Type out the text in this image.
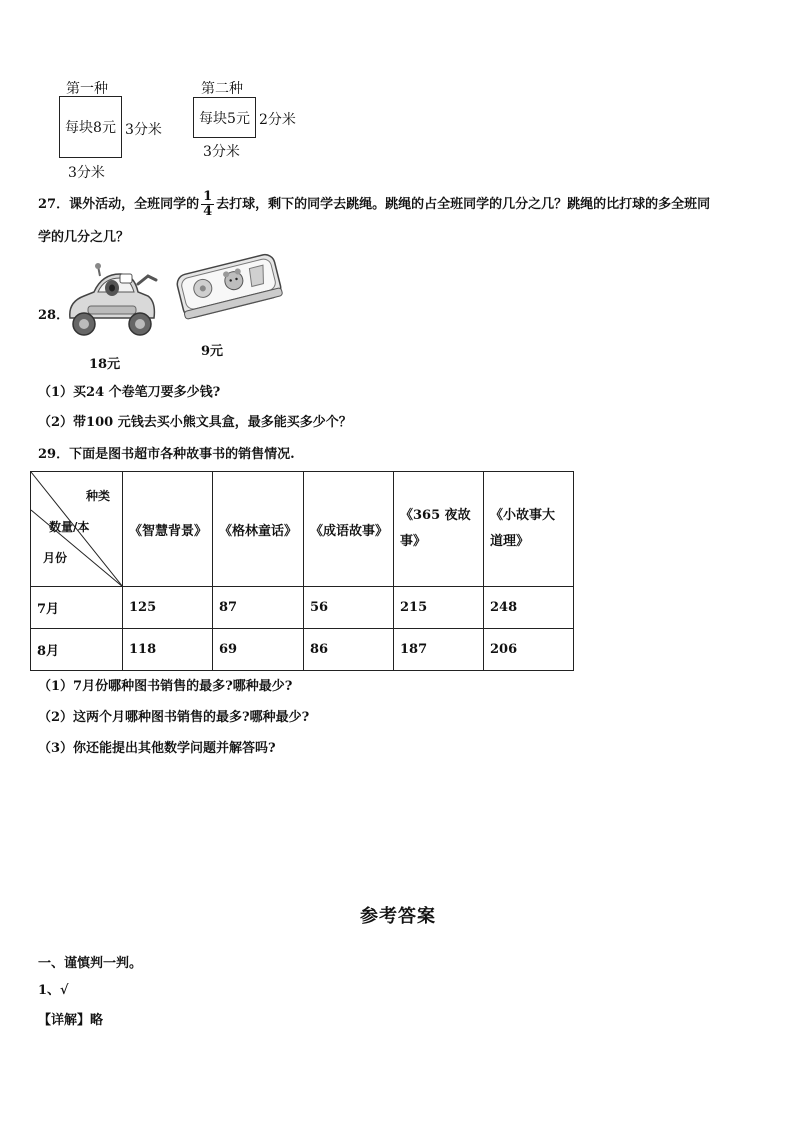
第一种
每块8元 3分米
3分米
第二种
每块5元 2分米
3分米
27．课外活动，全班同学的 $\frac{1}{4}$ 去打球，剩下的同学去跳绳。跳绳的占全班同学的几分之几？跳绳的比打球的多全班同
学的几分之几？
28．
18元
9元
（1）买24 个卷笔刀要多少钱?
（2）带100 元钱去买小熊文具盒，最多能买多少个？
29．下面是图书超市各种故事书的销售情况.
种类
数量/本
月份	《智慧背景》	《格林童话》	《成语故事》	《365 夜故事》	《小故事大道理》
7月	125	87	56	215	248
8月	118	69	86	187	206
（1）7月份哪种图书销售的最多?哪种最少?
（2）这两个月哪种图书销售的最多?哪种最少?
（3）你还能提出其他数学问题并解答吗?
参考答案
一、谨慎判一判。
1、√
【详解】略
